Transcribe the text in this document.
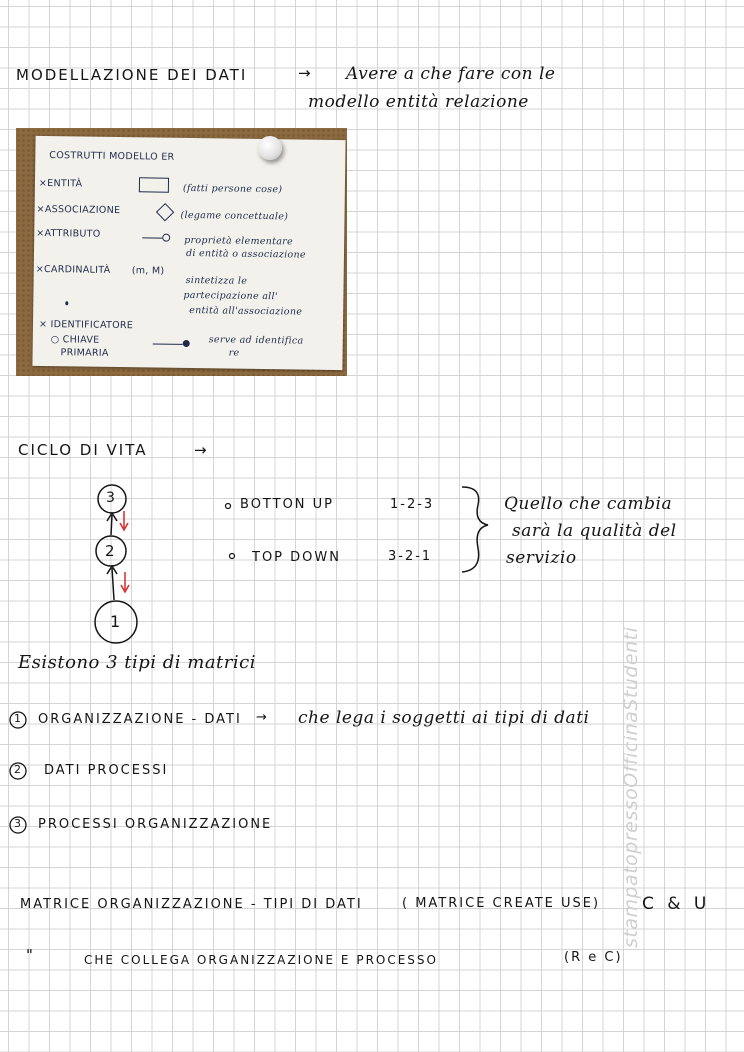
stampatopressoOfficinaStudenti
MODELLAZIONE DEI DATI	→ Avere a che fare con le
modello entità relazione
COSTRUTTI MODELLO ER
×ENTITÀ	(fatti persone cose)
×ASSOCIAZIONE	(legame concettuale)
×ATTRIBUTO
proprietà elementare
di entità o associazione
×CARDINALITÀ (m, M)
sintetizza le
partecipazione all'
entità all'associazione
× IDENTIFICATORE
○ CHIAVE
PRIMARIA
serve ad identifica
re
CICLO DI VITA	→
3
2
1
BOTTON UP	1-2-3
TOP DOWN	3-2-1
Quello che cambia
sarà la qualità del
servizio
Esistono 3 tipi di matrici
1 ORGANIZZAZIONE - DATI → che lega i soggetti ai tipi di dati
2 DATI PROCESSI
3 PROCESSI ORGANIZZAZIONE
MATRICE ORGANIZZAZIONE - TIPI DI DATI	( MATRICE CREATE USE) C & U
"	CHE COLLEGA ORGANIZZAZIONE E PROCESSO	(R e C)
